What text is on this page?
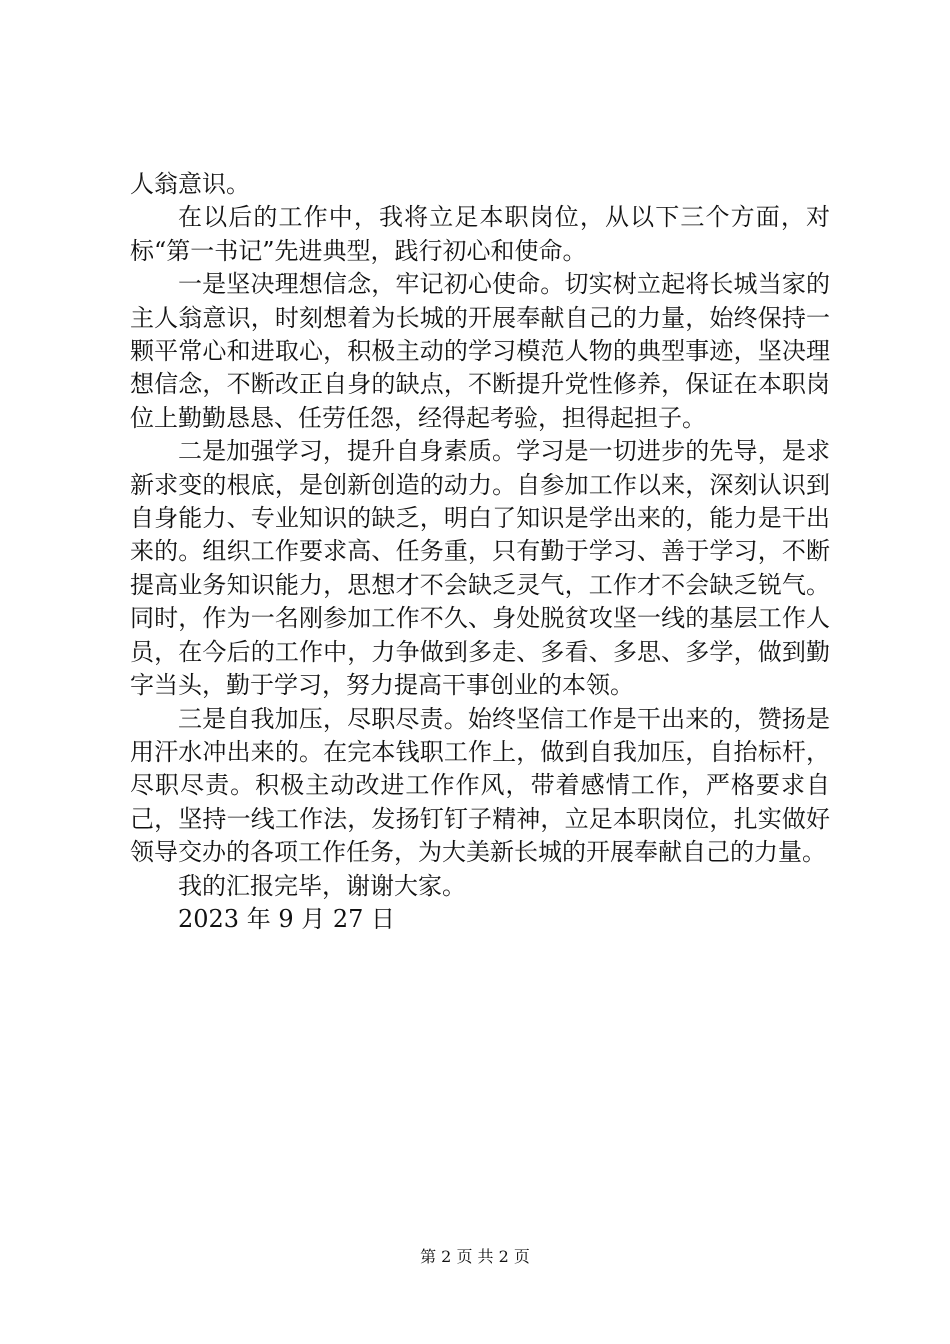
人翁意识。

在以后的工作中，我将立足本职岗位，从以下三个方面，对标“第一书记”先进典型，践行初心和使命。

一是坚决理想信念，牢记初心使命。切实树立起将长城当家的主人翁意识，时刻想着为长城的开展奉献自己的力量，始终保持一颗平常心和进取心，积极主动的学习模范人物的典型事迹，坚决理想信念，不断改正自身的缺点，不断提升党性修养，保证在本职岗位上勤勤恳恳、任劳任怨，经得起考验，担得起担子。

二是加强学习，提升自身素质。学习是一切进步的先导，是求新求变的根底，是创新创造的动力。自参加工作以来，深刻认识到自身能力、专业知识的缺乏，明白了知识是学出来的，能力是干出来的。组织工作要求高、任务重，只有勤于学习、善于学习，不断提高业务知识能力，思想才不会缺乏灵气，工作才不会缺乏锐气。同时，作为一名刚参加工作不久、身处脱贫攻坚一线的基层工作人员，在今后的工作中，力争做到多走、多看、多思、多学，做到勤字当头，勤于学习，努力提高干事创业的本领。

三是自我加压，尽职尽责。始终坚信工作是干出来的，赞扬是用汗水冲出来的。在完本钱职工作上，做到自我加压，自抬标杆，尽职尽责。积极主动改进工作作风，带着感情工作，严格要求自己，坚持一线工作法，发扬钉钉子精神，立足本职岗位，扎实做好领导交办的各项工作任务，为大美新长城的开展奉献自己的力量。

我的汇报完毕，谢谢大家。

2023 年 9 月 27 日

第 2 页 共 2 页
